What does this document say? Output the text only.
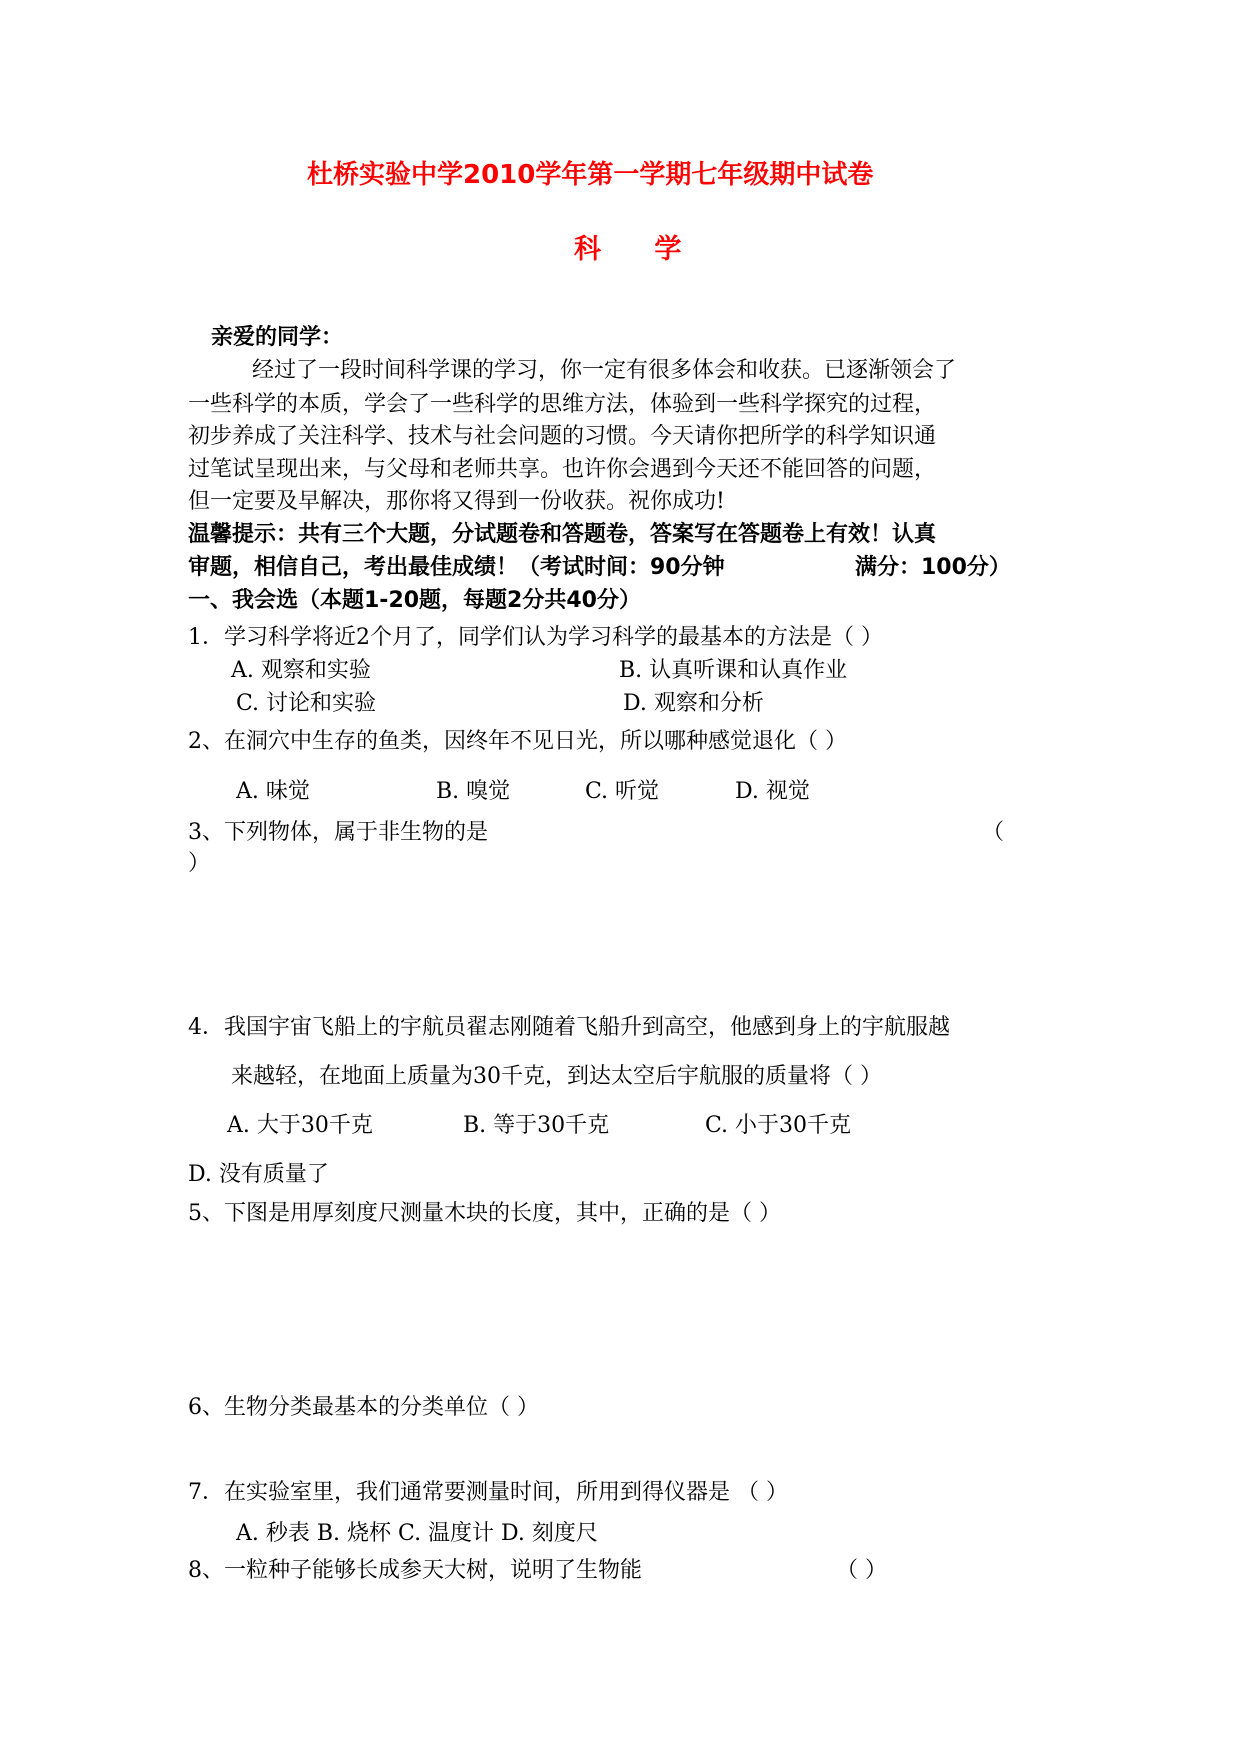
杜桥实验中学2010学年第一学期七年级期中试卷
科 学
亲爱的同学：
经过了一段时间科学课的学习，你一定有很多体会和收获。已逐渐领会了
一些科学的本质，学会了一些科学的思维方法，体验到一些科学探究的过程，
初步养成了关注科学、技术与社会问题的习惯。今天请你把所学的科学知识通
过笔试呈现出来，与父母和老师共享。也许你会遇到今天还不能回答的问题，
但一定要及早解决，那你将又得到一份收获。祝你成功!
温馨提示：共有三个大题，分试题卷和答题卷，答案写在答题卷上有效！认真
审题，相信自己，考出最佳成绩！（考试时间：90分钟	满分：100分）
一、我会选（本题1-20题，每题2分共40分）
1．学习科学将近2个月了，同学们认为学习科学的最基本的方法是（ ）
A. 观察和实验	B. 认真听课和认真作业
C. 讨论和实验	D. 观察和分析
2、在洞穴中生存的鱼类，因终年不见日光，所以哪种感觉退化（ ）
A. 味觉	B. 嗅觉	C. 听觉	D. 视觉
3、下列物体，属于非生物的是	（
）
4．我国宇宙飞船上的宇航员翟志刚随着飞船升到高空，他感到身上的宇航服越
来越轻，在地面上质量为30千克，到达太空后宇航服的质量将（ ）
A. 大于30千克	B. 等于30千克	C. 小于30千克
D. 没有质量了
5、下图是用厚刻度尺测量木块的长度，其中，正确的是（ ）
6、生物分类最基本的分类单位（ ）
7．在实验室里，我们通常要测量时间，所用到得仪器是 （ ）
A. 秒表 B. 烧杯 C. 温度计 D. 刻度尺
8、一粒种子能够长成参天大树，说明了生物能	（ ）
